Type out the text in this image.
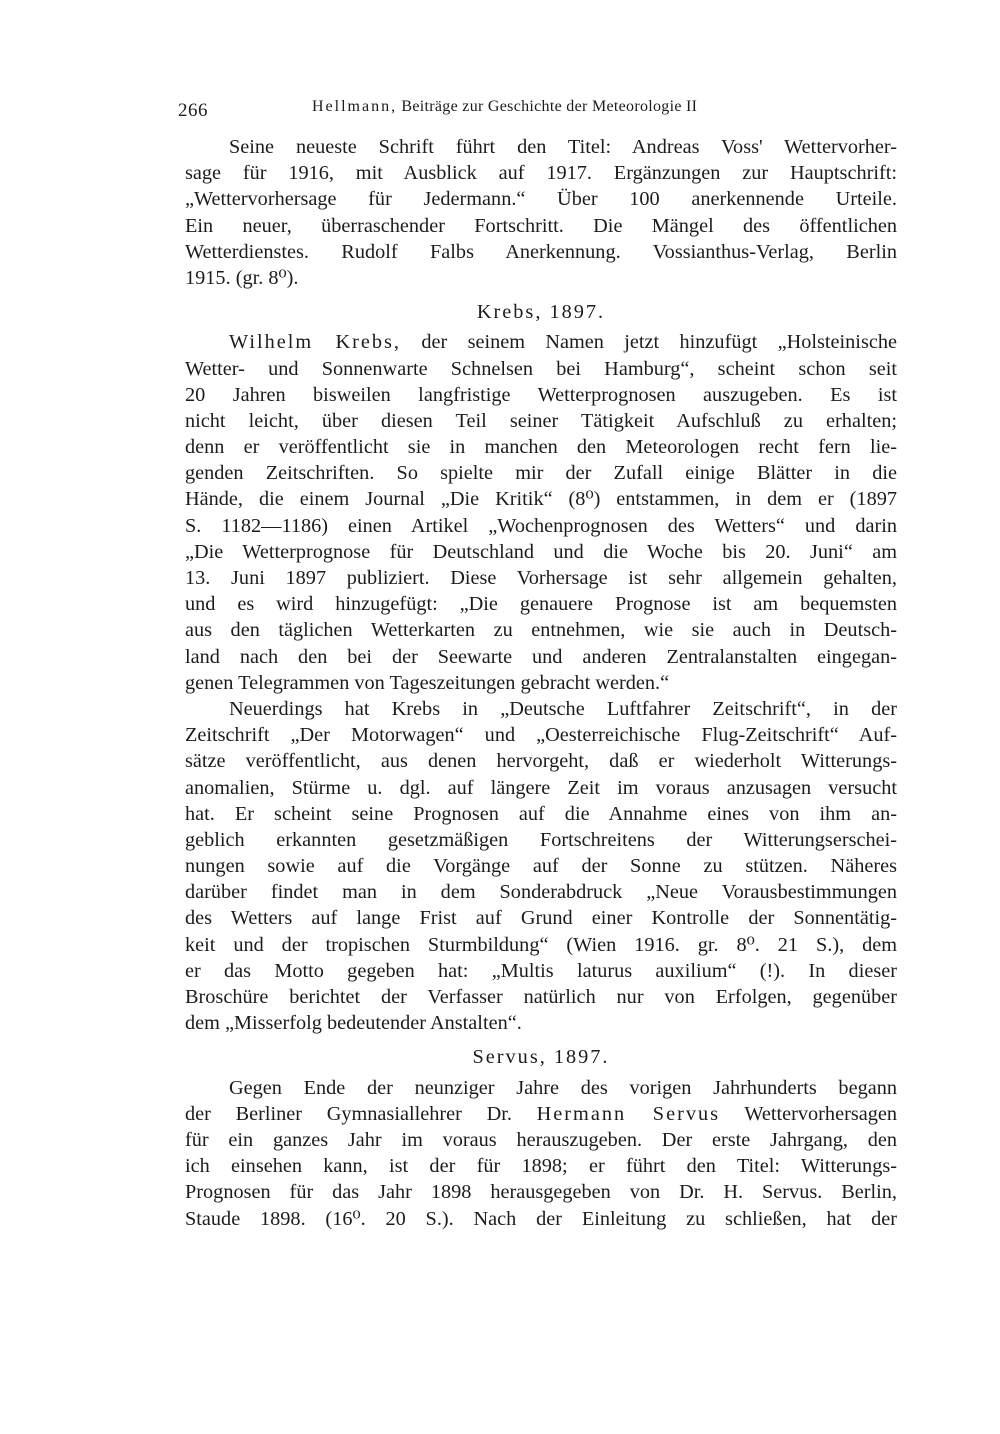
266	Hellmann, Beiträge zur Geschichte der Meteorologie II
Seine neueste Schrift führt den Titel: Andreas Voss' Wettervorher-
sage für 1916, mit Ausblick auf 1917. Ergänzungen zur Hauptschrift:
„Wettervorhersage für Jedermann.“ Über 100 anerkennende Urteile.
Ein neuer, überraschender Fortschritt. Die Mängel des öffentlichen
Wetterdienstes. Rudolf Falbs Anerkennung. Vossianthus-Verlag, Berlin
1915. (gr. 8⁰).
Krebs, 1897.
Wilhelm Krebs, der seinem Namen jetzt hinzufügt „Holsteinische
Wetter- und Sonnenwarte Schnelsen bei Hamburg“, scheint schon seit
20 Jahren bisweilen langfristige Wetterprognosen auszugeben. Es ist
nicht leicht, über diesen Teil seiner Tätigkeit Aufschluß zu erhalten;
denn er veröffentlicht sie in manchen den Meteorologen recht fern lie-
genden Zeitschriften. So spielte mir der Zufall einige Blätter in die
Hände, die einem Journal „Die Kritik“ (8⁰) entstammen, in dem er (1897
S. 1182—1186) einen Artikel „Wochenprognosen des Wetters“ und darin
„Die Wetterprognose für Deutschland und die Woche bis 20. Juni“ am
13. Juni 1897 publiziert. Diese Vorhersage ist sehr allgemein gehalten,
und es wird hinzugefügt: „Die genauere Prognose ist am bequemsten
aus den täglichen Wetterkarten zu entnehmen, wie sie auch in Deutsch-
land nach den bei der Seewarte und anderen Zentralanstalten eingegan-
genen Telegrammen von Tageszeitungen gebracht werden.“
Neuerdings hat Krebs in „Deutsche Luftfahrer Zeitschrift“, in der
Zeitschrift „Der Motorwagen“ und „Oesterreichische Flug-Zeitschrift“ Auf-
sätze veröffentlicht, aus denen hervorgeht, daß er wiederholt Witterungs-
anomalien, Stürme u. dgl. auf längere Zeit im voraus anzusagen versucht
hat. Er scheint seine Prognosen auf die Annahme eines von ihm an-
geblich erkannten gesetzmäßigen Fortschreitens der Witterungserschei-
nungen sowie auf die Vorgänge auf der Sonne zu stützen. Näheres
darüber findet man in dem Sonderabdruck „Neue Vorausbestimmungen
des Wetters auf lange Frist auf Grund einer Kontrolle der Sonnentätig-
keit und der tropischen Sturmbildung“ (Wien 1916. gr. 8⁰. 21 S.), dem
er das Motto gegeben hat: „Multis laturus auxilium“ (!). In dieser
Broschüre berichtet der Verfasser natürlich nur von Erfolgen, gegenüber
dem „Misserfolg bedeutender Anstalten“.
Servus, 1897.
Gegen Ende der neunziger Jahre des vorigen Jahrhunderts begann
der Berliner Gymnasiallehrer Dr. Hermann Servus Wettervorhersagen
für ein ganzes Jahr im voraus herauszugeben. Der erste Jahrgang, den
ich einsehen kann, ist der für 1898; er führt den Titel: Witterungs-
Prognosen für das Jahr 1898 herausgegeben von Dr. H. Servus. Berlin,
Staude 1898. (16⁰. 20 S.). Nach der Einleitung zu schließen, hat der
